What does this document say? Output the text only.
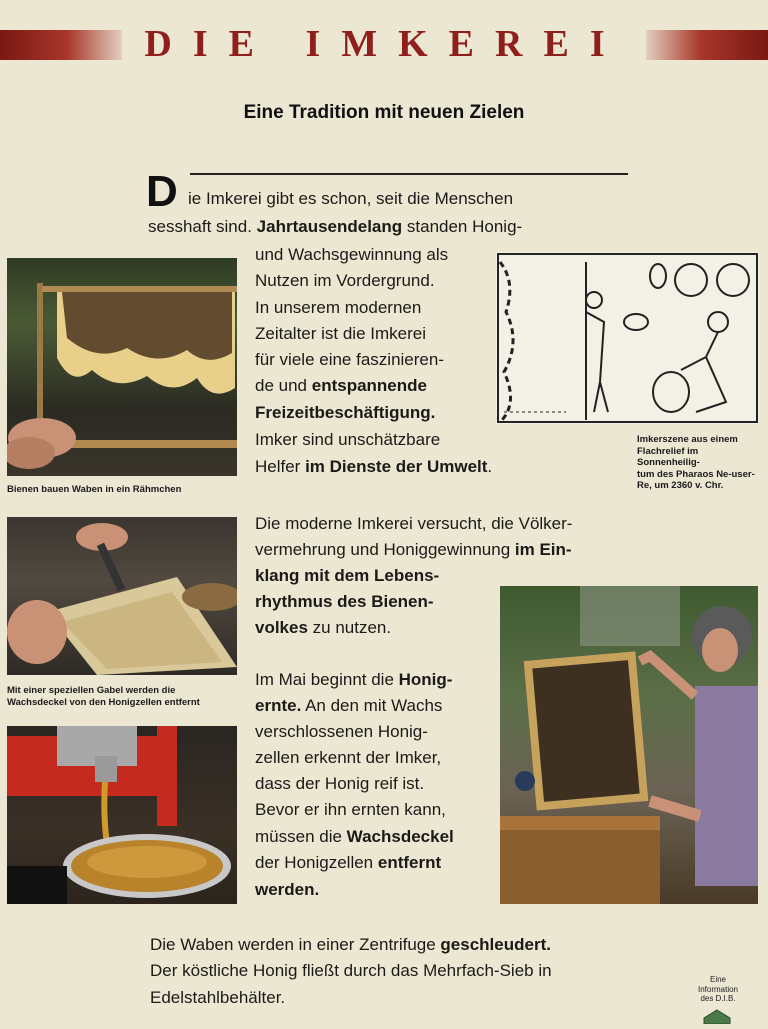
DIE IMKEREI
Eine Tradition mit neuen Zielen
D ie Imkerei gibt es schon, seit die Menschen
sesshaft sind. Jahrtausendelang standen Honig-
und Wachsgewinnung als
Nutzen im Vordergrund.
In unserem modernen
Zeitalter ist die Imkerei
für viele eine faszinieren-
de und entspannende
Freizeitbeschäftigung.
Imker sind unschätzbare
Helfer im Dienste der Umwelt.
Bienen bauen Waben in ein Rähmchen
Imkerszene aus einem
Flachrelief im Sonnenheilig-
tum des Pharaos Ne-user-
Re, um 2360 v. Chr.
Die moderne Imkerei versucht, die Völker-
vermehrung und Honiggewinnung im Ein-
klang mit dem Lebens-
rhythmus des Bienen-
volkes zu nutzen.
Mit einer speziellen Gabel werden die
Wachsdeckel von den Honigzellen entfernt
Im Mai beginnt die Honig-
ernte. An den mit Wachs
verschlossenen Honig-
zellen erkennt der Imker,
dass der Honig reif ist.
Bevor er ihn ernten kann,
müssen die Wachsdeckel
der Honigzellen entfernt
werden.
Die Waben werden in einer Zentrifuge geschleudert.
Der köstliche Honig fließt durch das Mehrfach-Sieb in
Edelstahlbehälter.
Eine
Information
des D.I.B.
